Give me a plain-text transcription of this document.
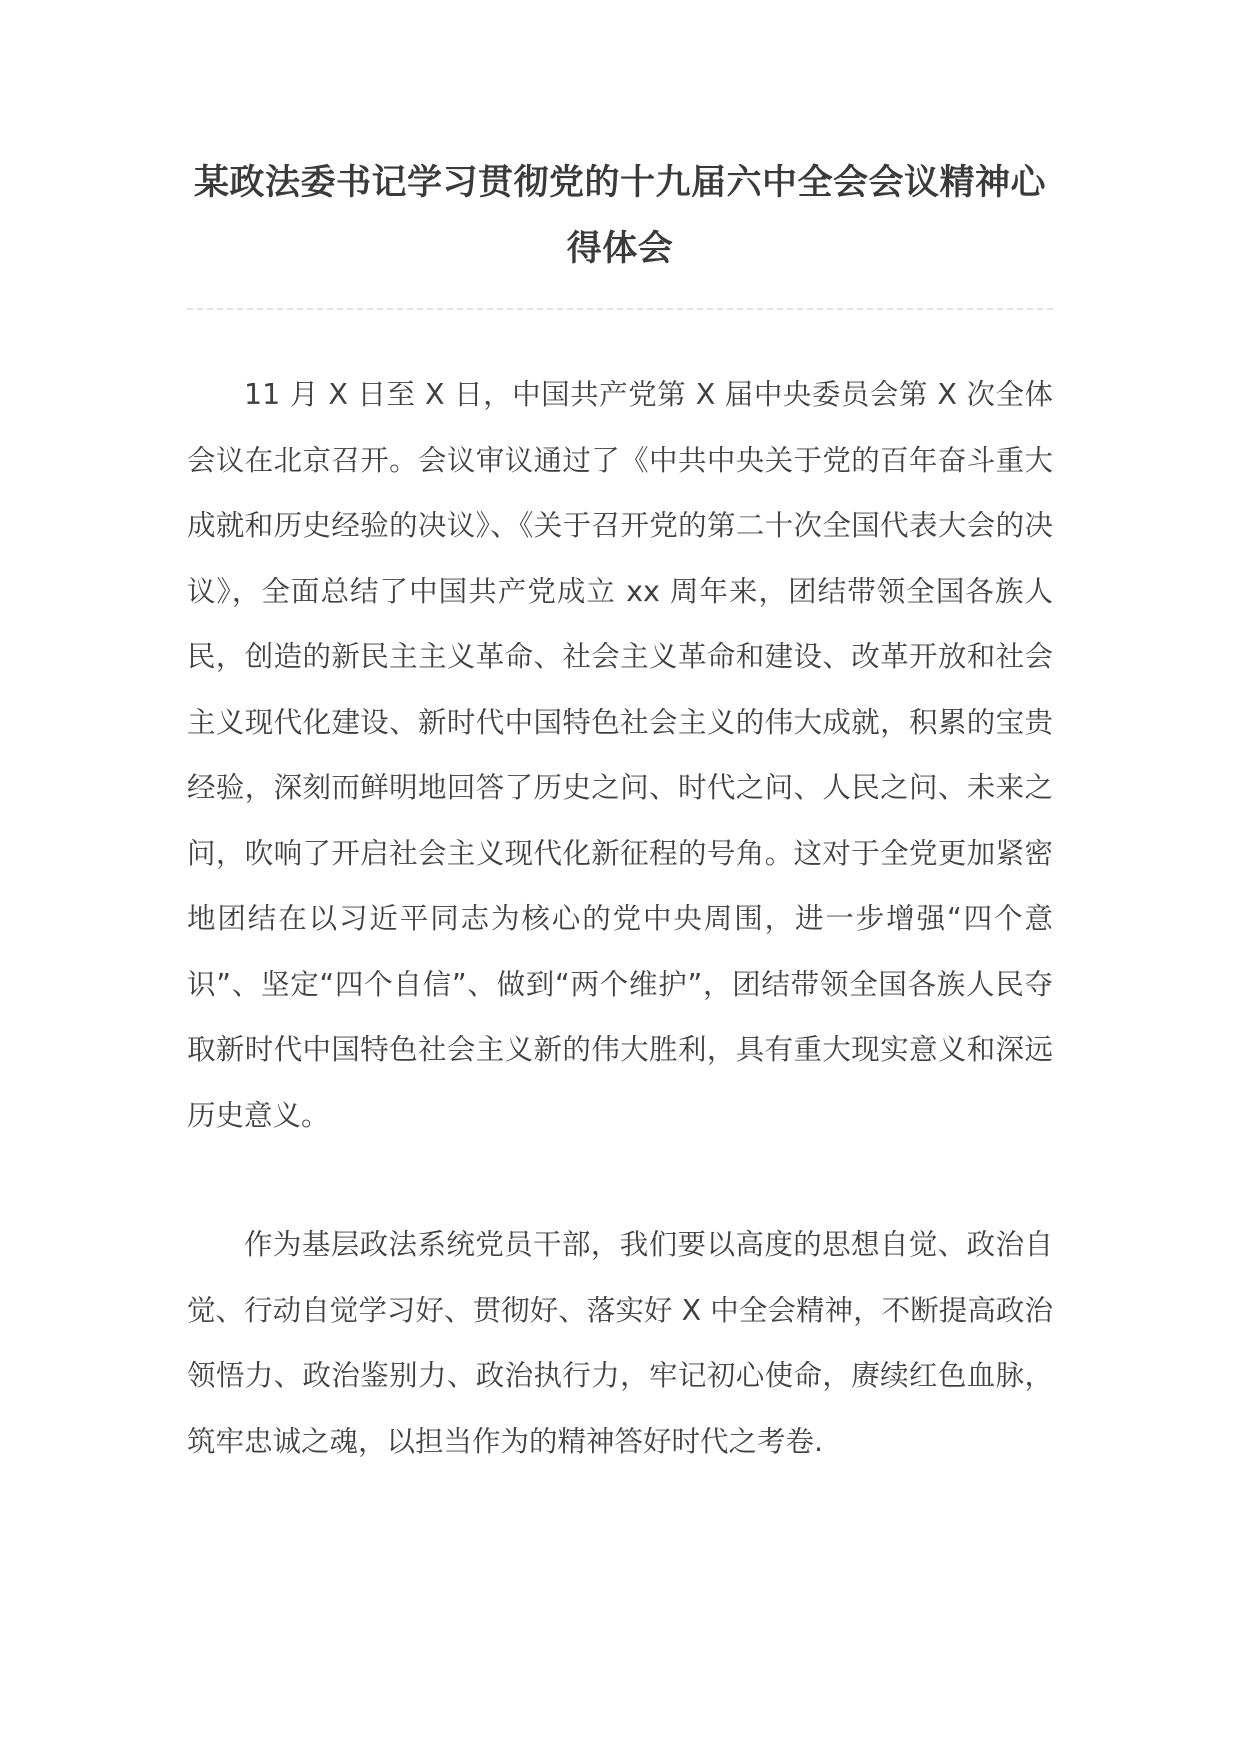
某政法委书记学习贯彻党的十九届六中全会会议精神心得体会

11 月 X 日至 X 日，中国共产党第 X 届中央委员会第 X 次全体会议在北京召开。会议审议通过了《中共中央关于党的百年奋斗重大成就和历史经验的决议》、《关于召开党的第二十次全国代表大会的决议》，全面总结了中国共产党成立 xx 周年来，团结带领全国各族人民，创造的新民主主义革命、社会主义革命和建设、改革开放和社会主义现代化建设、新时代中国特色社会主义的伟大成就，积累的宝贵经验，深刻而鲜明地回答了历史之问、时代之问、人民之问、未来之问，吹响了开启社会主义现代化新征程的号角。这对于全党更加紧密地团结在以习近平同志为核心的党中央周围，进一步增强“四个意识”、坚定“四个自信”、做到“两个维护”，团结带领全国各族人民夺取新时代中国特色社会主义新的伟大胜利，具有重大现实意义和深远历史意义。

作为基层政法系统党员干部，我们要以高度的思想自觉、政治自觉、行动自觉学习好、贯彻好、落实好 X 中全会精神，不断提高政治领悟力、政治鉴别力、政治执行力，牢记初心使命，赓续红色血脉，筑牢忠诚之魂，以担当作为的精神答好时代之考卷.
